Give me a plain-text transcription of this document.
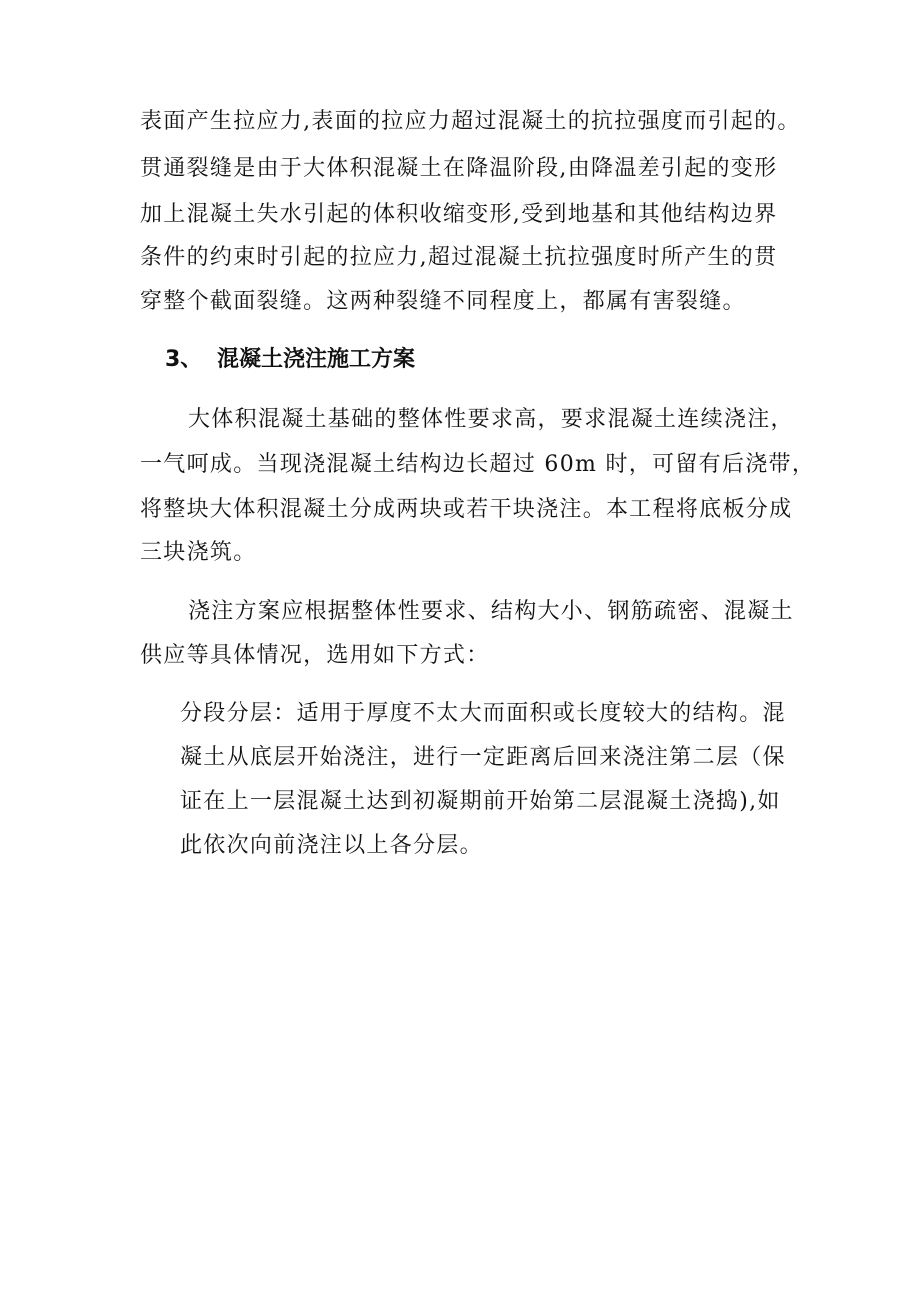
表面产生拉应力,表面的拉应力超过混凝土的抗拉强度而引起的。
贯通裂缝是由于大体积混凝土在降温阶段,由降温差引起的变形
加上混凝土失水引起的体积收缩变形,受到地基和其他结构边界
条件的约束时引起的拉应力,超过混凝土抗拉强度时所产生的贯
穿整个截面裂缝。这两种裂缝不同程度上，都属有害裂缝。
3、 混凝土浇注施工方案
大体积混凝土基础的整体性要求高，要求混凝土连续浇注，
一气呵成。当现浇混凝土结构边长超过 60m 时，可留有后浇带，
将整块大体积混凝土分成两块或若干块浇注。本工程将底板分成
三块浇筑。
浇注方案应根据整体性要求、结构大小、钢筋疏密、混凝土
供应等具体情况，选用如下方式：
分段分层：适用于厚度不太大而面积或长度较大的结构。混
凝土从底层开始浇注，进行一定距离后回来浇注第二层（保
证在上一层混凝土达到初凝期前开始第二层混凝土浇捣),如
此依次向前浇注以上各分层。
